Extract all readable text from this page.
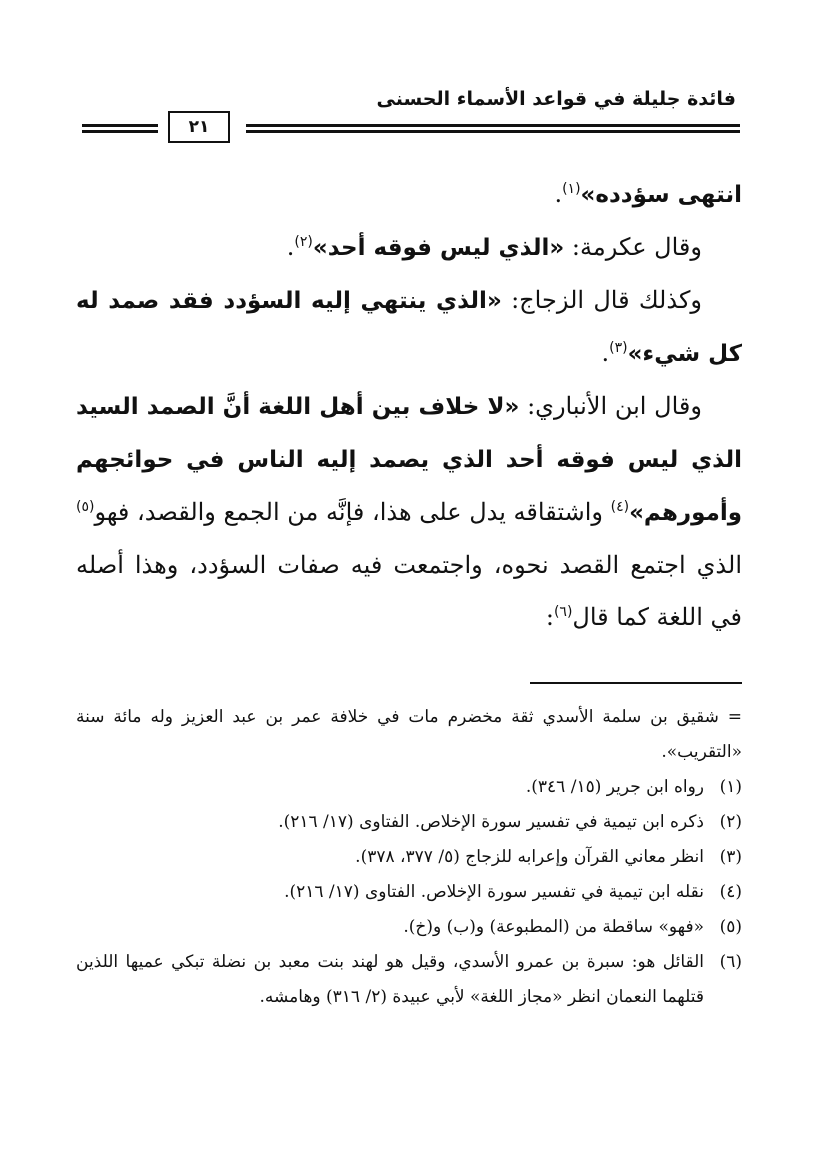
فائدة جليلة في قواعد الأسماء الحسنى
٢١

انتهى سؤدده»$^{(١)}$.

وقال عكرمة: «الذي ليس فوقه أحد»$^{(٢)}$.

وكذلك قال الزجاج: «الذي ينتهي إليه السؤدد فقد صمد له كل شيء»$^{(٣)}$.

وقال ابن الأنباري: «لا خلاف بين أهل اللغة أنَّ الصمد السيد الذي ليس فوقه أحد الذي يصمد إليه الناس في حوائجهم وأمورهم»$^{(٤)}$ واشتقاقه يدل على هذا، فإنَّه من الجمع والقصد، فهو$^{(٥)}$ الذي اجتمع القصد نحوه، واجتمعت فيه صفات السؤدد، وهذا أصله في اللغة كما قال$^{(٦)}$:

= شقيق بن سلمة الأسدي ثقة مخضرم مات في خلافة عمر بن عبد العزيز وله مائة سنة «التقريب».

(١)
رواه ابن جرير (١٥/ ٣٤٦).
(٢)
ذكره ابن تيمية في تفسير سورة الإخلاص. الفتاوى (١٧/ ٢١٦).
(٣)
انظر معاني القرآن وإعرابه للزجاج (٥/ ٣٧٧، ٣٧٨).
(٤)
نقله ابن تيمية في تفسير سورة الإخلاص. الفتاوى (١٧/ ٢١٦).
(٥)
«فهو» ساقطة من (المطبوعة) و(ب) و(خ).
(٦)
القائل هو: سبرة بن عمرو الأسدي، وقيل هو لهند بنت معبد بن نضلة تبكي عميها اللذين قتلهما النعمان انظر «مجاز اللغة» لأبي عبيدة (٢/ ٣١٦) وهامشه.
